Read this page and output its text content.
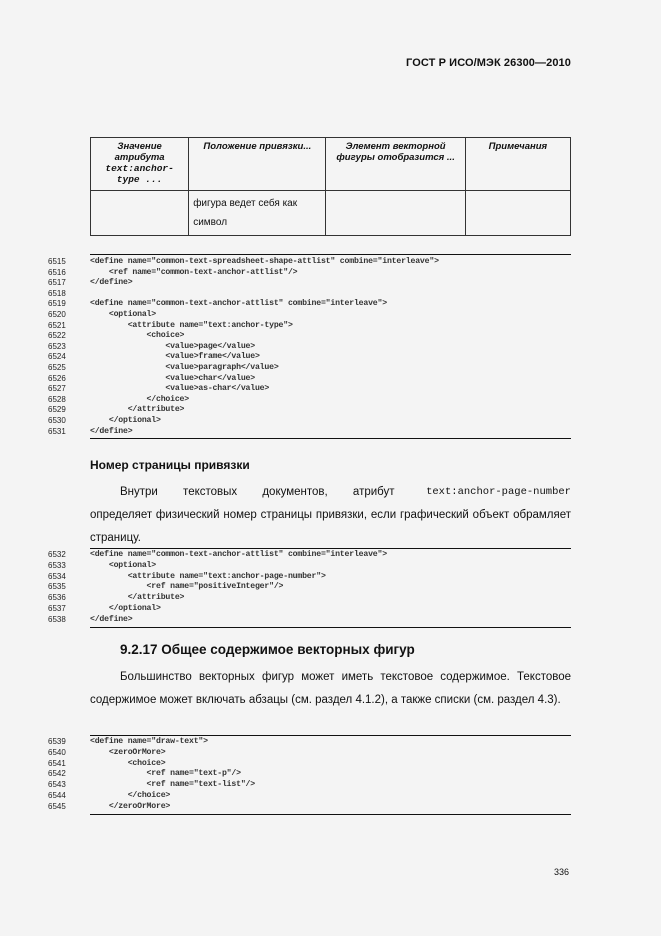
ГОСТ Р ИСО/МЭК 26300—2010
Значение атрибута
text:anchor-type ...	Положение привязки...	Элемент векторной фигуры отобразится ...	Примечания
	фигура ведет себя как символ		
6515	<define name="common-text-spreadsheet-shape-attlist" combine="interleave">
6516	<ref name="common-text-anchor-attlist"/>
6517	</define>
6518
6519	<define name="common-text-anchor-attlist" combine="interleave">
6520	<optional>
6521	<attribute name="text:anchor-type">
6522	<choice>
6523	<value>page</value>
6524	<value>frame</value>
6525	<value>paragraph</value>
6526	<value>char</value>
6527	<value>as-char</value>
6528	</choice>
6529	</attribute>
6530	</optional>
6531	</define>
Номер страницы привязки
Внутри текстовых документов, атрибут	text:anchor-page-number

определяет физический номер страницы привязки, если графический объект обрамляет страницу.
6532	<define name="common-text-anchor-attlist" combine="interleave">
6533	<optional>
6534	<attribute name="text:anchor-page-number">
6535	<ref name="positiveInteger"/>
6536	</attribute>
6537	</optional>
6538	</define>
9.2.17 Общее содержимое векторных фигур
Большинство векторных фигур может иметь текстовое содержимое. Текстовое содержимое может включать абзацы (см. раздел 4.1.2), а также списки (см. раздел 4.3).
6539	<define name="draw-text">
6540	<zeroOrMore>
6541	<choice>
6542	<ref name="text-p"/>
6543	<ref name="text-list"/>
6544	</choice>
6545	</zeroOrMore>
336
